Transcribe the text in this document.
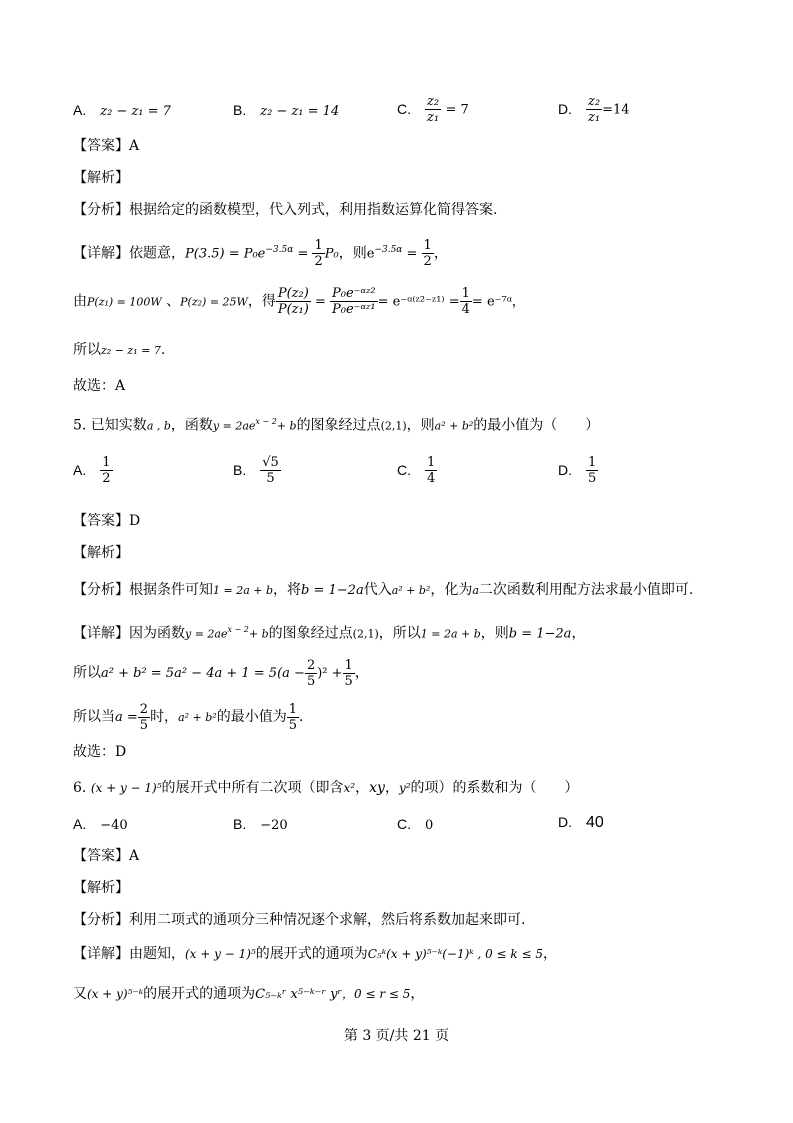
A. z₂ − z₁ = 7	B. z₂ − z₁ = 14	C. $\frac{\text{z₂}}{\text{z₁}} = 7$	D. $\frac{\text{z₂}}{\text{z₁}} =14$
【答案】A
【解析】
【分析】根据给定的函数模型，代入列式，利用指数运算化简得答案.
【详解】依题意，$P(3.5) = P_0e^{-3.5\alpha} = \frac{1}{2} P_0$，则$e^{-3.5\alpha} = \frac{1}{2}$ ，
由P(z₁) = 100W 、P(z₂) = 25W，得 $\frac{\text{P(z₂)}}{\text{P(z₁)}} = \frac{\text{P₀e⁻ᵅᶻ²}}{\text{P₀e⁻ᵅᶻ¹}}$ = e⁻ᵅ⁽ᶻ²⁻ᶻ¹⁾ = $\frac{1}{4}$ = e⁻⁷ᵅ，
所以z₂ − z₁ = 7.
故选：A
5. 已知实数a , b，函数$y = 2ae^{x - 2}+ b$的图象经过点(2,1)，则a² + b²的最小值为（　　）
A. $\frac{1}{2}$	B. $\frac{√5}{5}$	C. $\frac{1}{4}$	D. $\frac{1}{5}$
【答案】D
【解析】
【分析】根据条件可知1 = 2a + b，将b = 1−2a代入a² + b²，化为a二次函数利用配方法求最小值即可.
【详解】因为函数$y = 2ae^{x - 2}+ b$的图象经过点(2,1)，所以1 = 2a + b，则b = 1−2a，
所以$a^2 + b^2 = 5a^2 - 4a + 1 = 5(a - \frac{2}{5} )^2 + \frac{1}{5}$ ，
所以当$a = \frac{2}{5}$ 时，a² + b²的最小值为 $\frac{1}{5}$ .
故选：D
6. (x + y − 1)⁵的展开式中所有二次项（即含x²，xy，y²的项）的系数和为（　　）
A. −40	B. −20	C. 0	D. 40
【答案】A
【解析】
【分析】利用二项式的通项分三种情况逐个求解，然后将系数加起来即可.
【详解】由题知，(x + y − 1)⁵的展开式的通项为C₅ᵏ(x + y)⁵⁻ᵏ(−1)ᵏ , 0 ≤ k ≤ 5，
又(x + y)⁵⁻ᵏ的展开式的通项为C₅₋ₖʳ x⁵⁻ᵏ⁻ʳ yʳ，0 ≤ r ≤ 5，
第 3 页/共 21 页
